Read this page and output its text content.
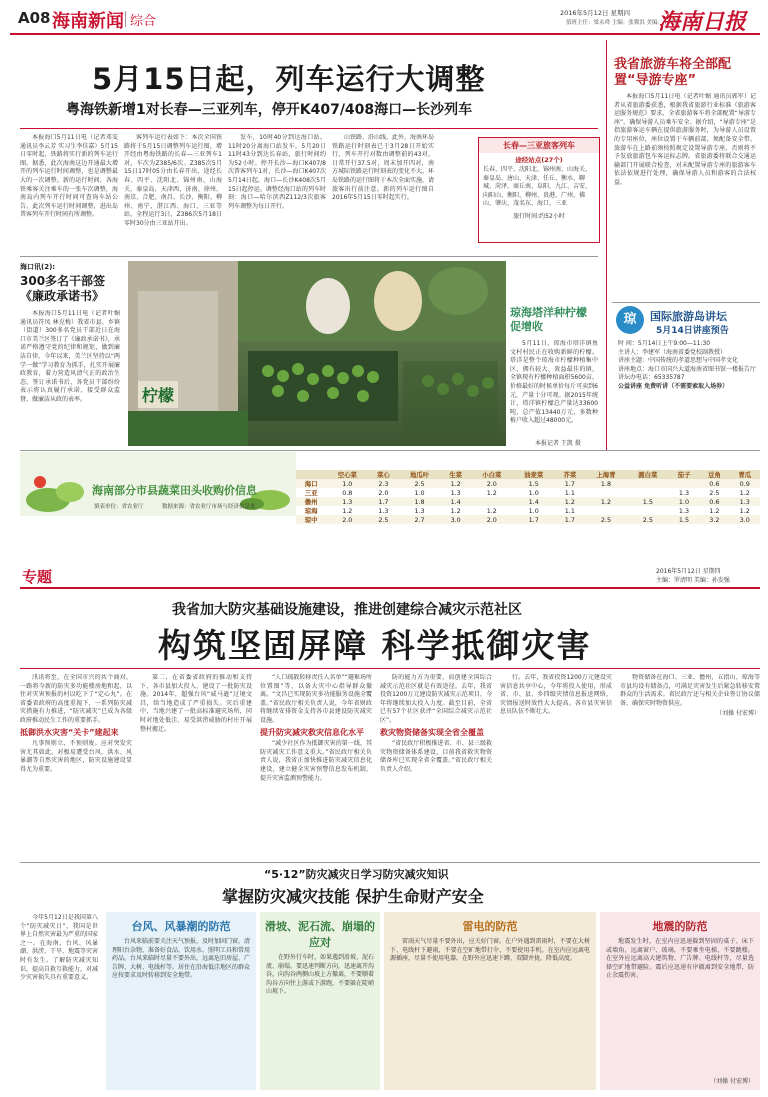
A08 海南新闻 综合
2016年5月12日 星期四
值班主任：梁永舜 主编：张冀洪 美编：王凤龙
海南日报
5月15日起，列车运行大调整
粤海铁新增1对长春—三亚列车，停开K407/408海口—长沙列车

本报海口5月11日电（记者邓雯 通讯员李云芳 实习生李佳嘉）5月15日零时起，铁路将实行新的列车运行图。据悉，此次海南这边开通最大增开的列车运行时间调整，也是调整最大的一次调整。新的运行时间，各海铁乘客关注乘车的一张车次调整，海南岛内列车开行时间可查询车站公告。此次列车运行时间调整，进出岛普客列车开行时间有所调整。

客列车运行表如下：本次全国铁路将于5月15日调整列车运行图，增开经由粤海铁路的长春—三亚列车1对，车次为Z385/6次。Z385次5月15日17时05分由长春开出，途经长春、四平、沈阳北、锦州南、山海关、秦皇岛、天津西、济南、徐州、南京、合肥、南昌、长沙、衡阳、柳州、南宁、湛江西、海口、三亚等站，全程运行3日，Z386次5月18日零时30分由三亚站开出。

发车，10时40分到达海口站，11时20分离海口站发车，5月20日11时43分到达长春站，旅行时间约为52小时。停开长沙—海口K407/8次普客列车1对，长沙—海口K407次5月14日起，海口—长沙K408次5月15日起停运。调整经海口站的列车时刻：海口—哈尔滨西Z112/3次旅客列车调整为每日开行。

山铁路、沿山线。此外，海南环岛铁路运行时刻表已于3月28日开始实行，列车开行对数由调整前的43对，日常开行37.5对，周末加开四对，南方城际铁路运行时刻表的变化不大，环岛铁路的运行图将于本次全面实施，请旅客出行前注意。新的列车运行图自2016年5月15日零时起实行。

长春—三亚旅客列车
途经站点(27个)
长春、四平、沈阳北、锦州南、山海关、秦皇岛、唐山、天津、任丘、衡水、聊城、菏泽、商丘南、阜阳、九江、吉安、向阳山、衡阳、柳州、贵港、广州、佛山、肇庆、茂名东、海口、三亚
旅行时间:约52小时
海口讯(2):
300多名干部签《廉政承诺书》

本报海口5月11日电（记者叶媚 通讯员符凤 林克梅）我省市县、乡镇（街道）300多名党员干部近日在海口市美兰区签订了《廉政承诺书》，承诺严格遵守党的纪律和规矩，做到廉洁自律。今年以来，美兰区坚持以“两学一做”学习教育为抓手，扎实开展廉政教育，着力营造风清气正的政治生态。签订承诺书后，各党员干部纷纷表示将认真履行承诺，接受群众监督，做廉洁从政的表率。	柠檬
琼海塔洋种柠檬促增收

5月11日，琼海市塔洋镇鱼文村村民正在收购新鲜的柠檬。塔洋是整个琼海市柠檬种植集中区，拥有较大、效益最佳的镇，全镇现有柠檬种植面积5600亩，价格最好的时候单价每斤可卖到6元，产量十分可观。据2015年统计，塔洋镇柠檬总产量达33600吨，总产值13440万元，多数种植户收入超过48000元。

本报记者 王凯 摄
我省旅游车将全部配置“导游专座”

本报海口5月11日电（记者叶媚 通讯员郭军）记者从省旅游委获悉，根据我省旅游行业标准《旅游客运服务规范》要求，全省旅游客车将全部配置“导游专座”，确保导游人员乘车安全。据介绍，“导游专座”是指旅游客运车辆在提供旅游服务时，为导游人员设置的专用座位，座位设置于车辆前部，须配备安全带。旅游车在上路前须按照规定设置导游专座，否则将不予发放旅游包车客运标志牌。省旅游委将联合交通运输部门开展联合检查，对未配置导游专座的旅游客车依法依规进行处理，确保导游人员和游客的合法权益。

琼	国际旅游岛讲坛
5月14日讲座预告
时 间：5月14日上午9:00—11:30
主讲人：李建军（海南省委党校副教授）
讲座主题：中国传统的孝道思想与中国孝文化
讲座地点：海口市国兴大道海南省图书馆一楼报告厅
讲坛办电话：65335787
公益讲座 免费听讲（不需要索取入场券）
海南部分市县蔬菜田头收购价信息
填表单位：省农业厅	数据来源：省农业厅市场与经济信息处
	空心菜	菜心	地瓜叶	生菜	小白菜	油麦菜	芥菜	上海青	圆白菜	茄子	豆角	青瓜
海口	1.0	2.3	2.5	1.2	2.0	1.5	1.7	1.8			0.6	0.9
三亚	0.8	2.0	1.0	1.3	1.2	1.0	1.1			1.3	2.5	1.2
儋州	1.3	1.7	1.8	1.4		1.4	1.2	1.2	1.5	1.0	0.6	1.3
琼海	1.2	1.3	1.3	1.2	1.2	1.0	1.1			1.3	1.2	1.2
琼中	2.0	2.5	2.7	3.0	2.0	1.7	1.7	2.5	2.5	1.5	3.2	3.0
专题	2016年5月12日 星期四
主编：罗清明 美编：孙发强
我省加大防灾基础设施建设，推进创建综合减灾示范社区
构筑坚固屏障 科学抵御灾害

汛讯将至，在全国市兴的共个商对，一路将今新的防灾多功能楼房地和起，以往对灾害预报的村以吃下了“定心丸”。在省委省政府的高度重视下，一系列防灾减灾措施有力推进，“防灾减灾”已成为各级政府推动民生工作的重要抓手。

抵御洪水灾害“关卡”建起来

凡事预则立，不预则废。应对突发灾害尤其如此。对极易遭受台风、洪水、风暴潮等自然灾害的地区，防灾设施建设显得尤为重要。

第二，在省委省政府的推动和支持下，各市县加大投入，建设了一批防灾设施。2014年，超强台风“威马逊”过境文昌，给当地造成了严重损失。灾后重建中，当地兴建了一批高标准避灾场所，同时对地处低洼、易受洪涝威胁的村庄开展整村搬迁。

“人口疏散转移责任人名单”“避难场所位置图”等，以备大灾中心指导群众撤离。“文昌已实现防灾多功能服务设施全覆盖。”省民政厅相关负责人说，今年省财政将继续安排资金支持各市县建设防灾减灾设施。

提升防灾减灾救灾信息化水平

“减少社区作为抵御灾害的第一线，其防灾减灾工作意义重大。”省民政厅相关负责人说，我省正加快推进防灾减灾信息化建设，建立健全灾害预警信息发布机制，提升灾害监测预警能力。

防的能力方为重要，而创建全国综合减灾示范社区就是有效途径。去年，我省投资1200万元建设防灾减灾示范项目，今年将继续加大投入力度。截至目前，全省已有57个社区获评“全国综合减灾示范社区”。

救灾物资储备实现全省全覆盖

“省民政厅积极推进省、市、县三级救灾物资储备体系建设，目前我省救灾物资储备库已实现全省全覆盖。”省民政厅相关负责人介绍。

行。去年，我省投资1200万元建设灾害信息共享中心，今年将投入使用，形成省、市、县、乡四级灾情信息报送网络，灾情报送时效性大大提高。各市县灾害信息员队伍不断壮大。

物资储备在海口、三亚、儋州、五指山、琼海等市县均设有储备点，可满足灾害发生后紧急转移安置群众的生活需求。省民政厅还与相关企业签订协议储备，确保灾时物资供应。

（刘操 付宏博）
“5·12”防灾减灾日学习防灾减灾知识
掌握防灾减灾技能 保护生命财产安全

今年5月12日是我国第八个“防灾减灾日”，我国是世界上自然灾害最为严重的国家之一。在海南，台风、风暴潮、洪涝、干旱、地震等灾害时有发生。了解防灾减灾知识，提高自救互救能力，对减少灾害损失具有重要意义。

台风、风暴潮的防范

台风来临前要关注天气预报，及时加固门窗，清理阳台杂物，准备好食品、饮用水、照明工具和常用药品。台风来临时尽量不要外出，远离危旧房屋、广告牌、大树、电线杆等。居住在沿海低洼地区的群众应按要求及时转移到安全地带。

滑坡、泥石流、崩塌的应对

在野外行车时，如果遇到滑坡、泥石流、崩塌，要迅速判断方向，迅速离开沟谷，向沟谷两侧山坡上方撤离，不要顺着沟谷方向往上游或下游跑，不要躲在陡峭山坡下。

雷电的防范

雷雨天气尽量不要外出，应关好门窗。在户外遇到雷雨时，不要在大树下、电线杆下避雨，不要在空旷地带打伞，不要使用手机。在室内应远离电源插座，尽量不使用电器。在野外应迅速下蹲，双脚并拢，降低高度。

地震的防范

地震发生时，在室内应迅速躲到坚固的桌子、床下或墙角，远离窗户、玻璃，不要乘坐电梯，不要跳楼。在室外应远离高大建筑物、广告牌、电线杆等，尽量选择空旷地带避险。震后应迅速有序撤离到安全地带，防止余震伤害。

（刘操 付宏博）
